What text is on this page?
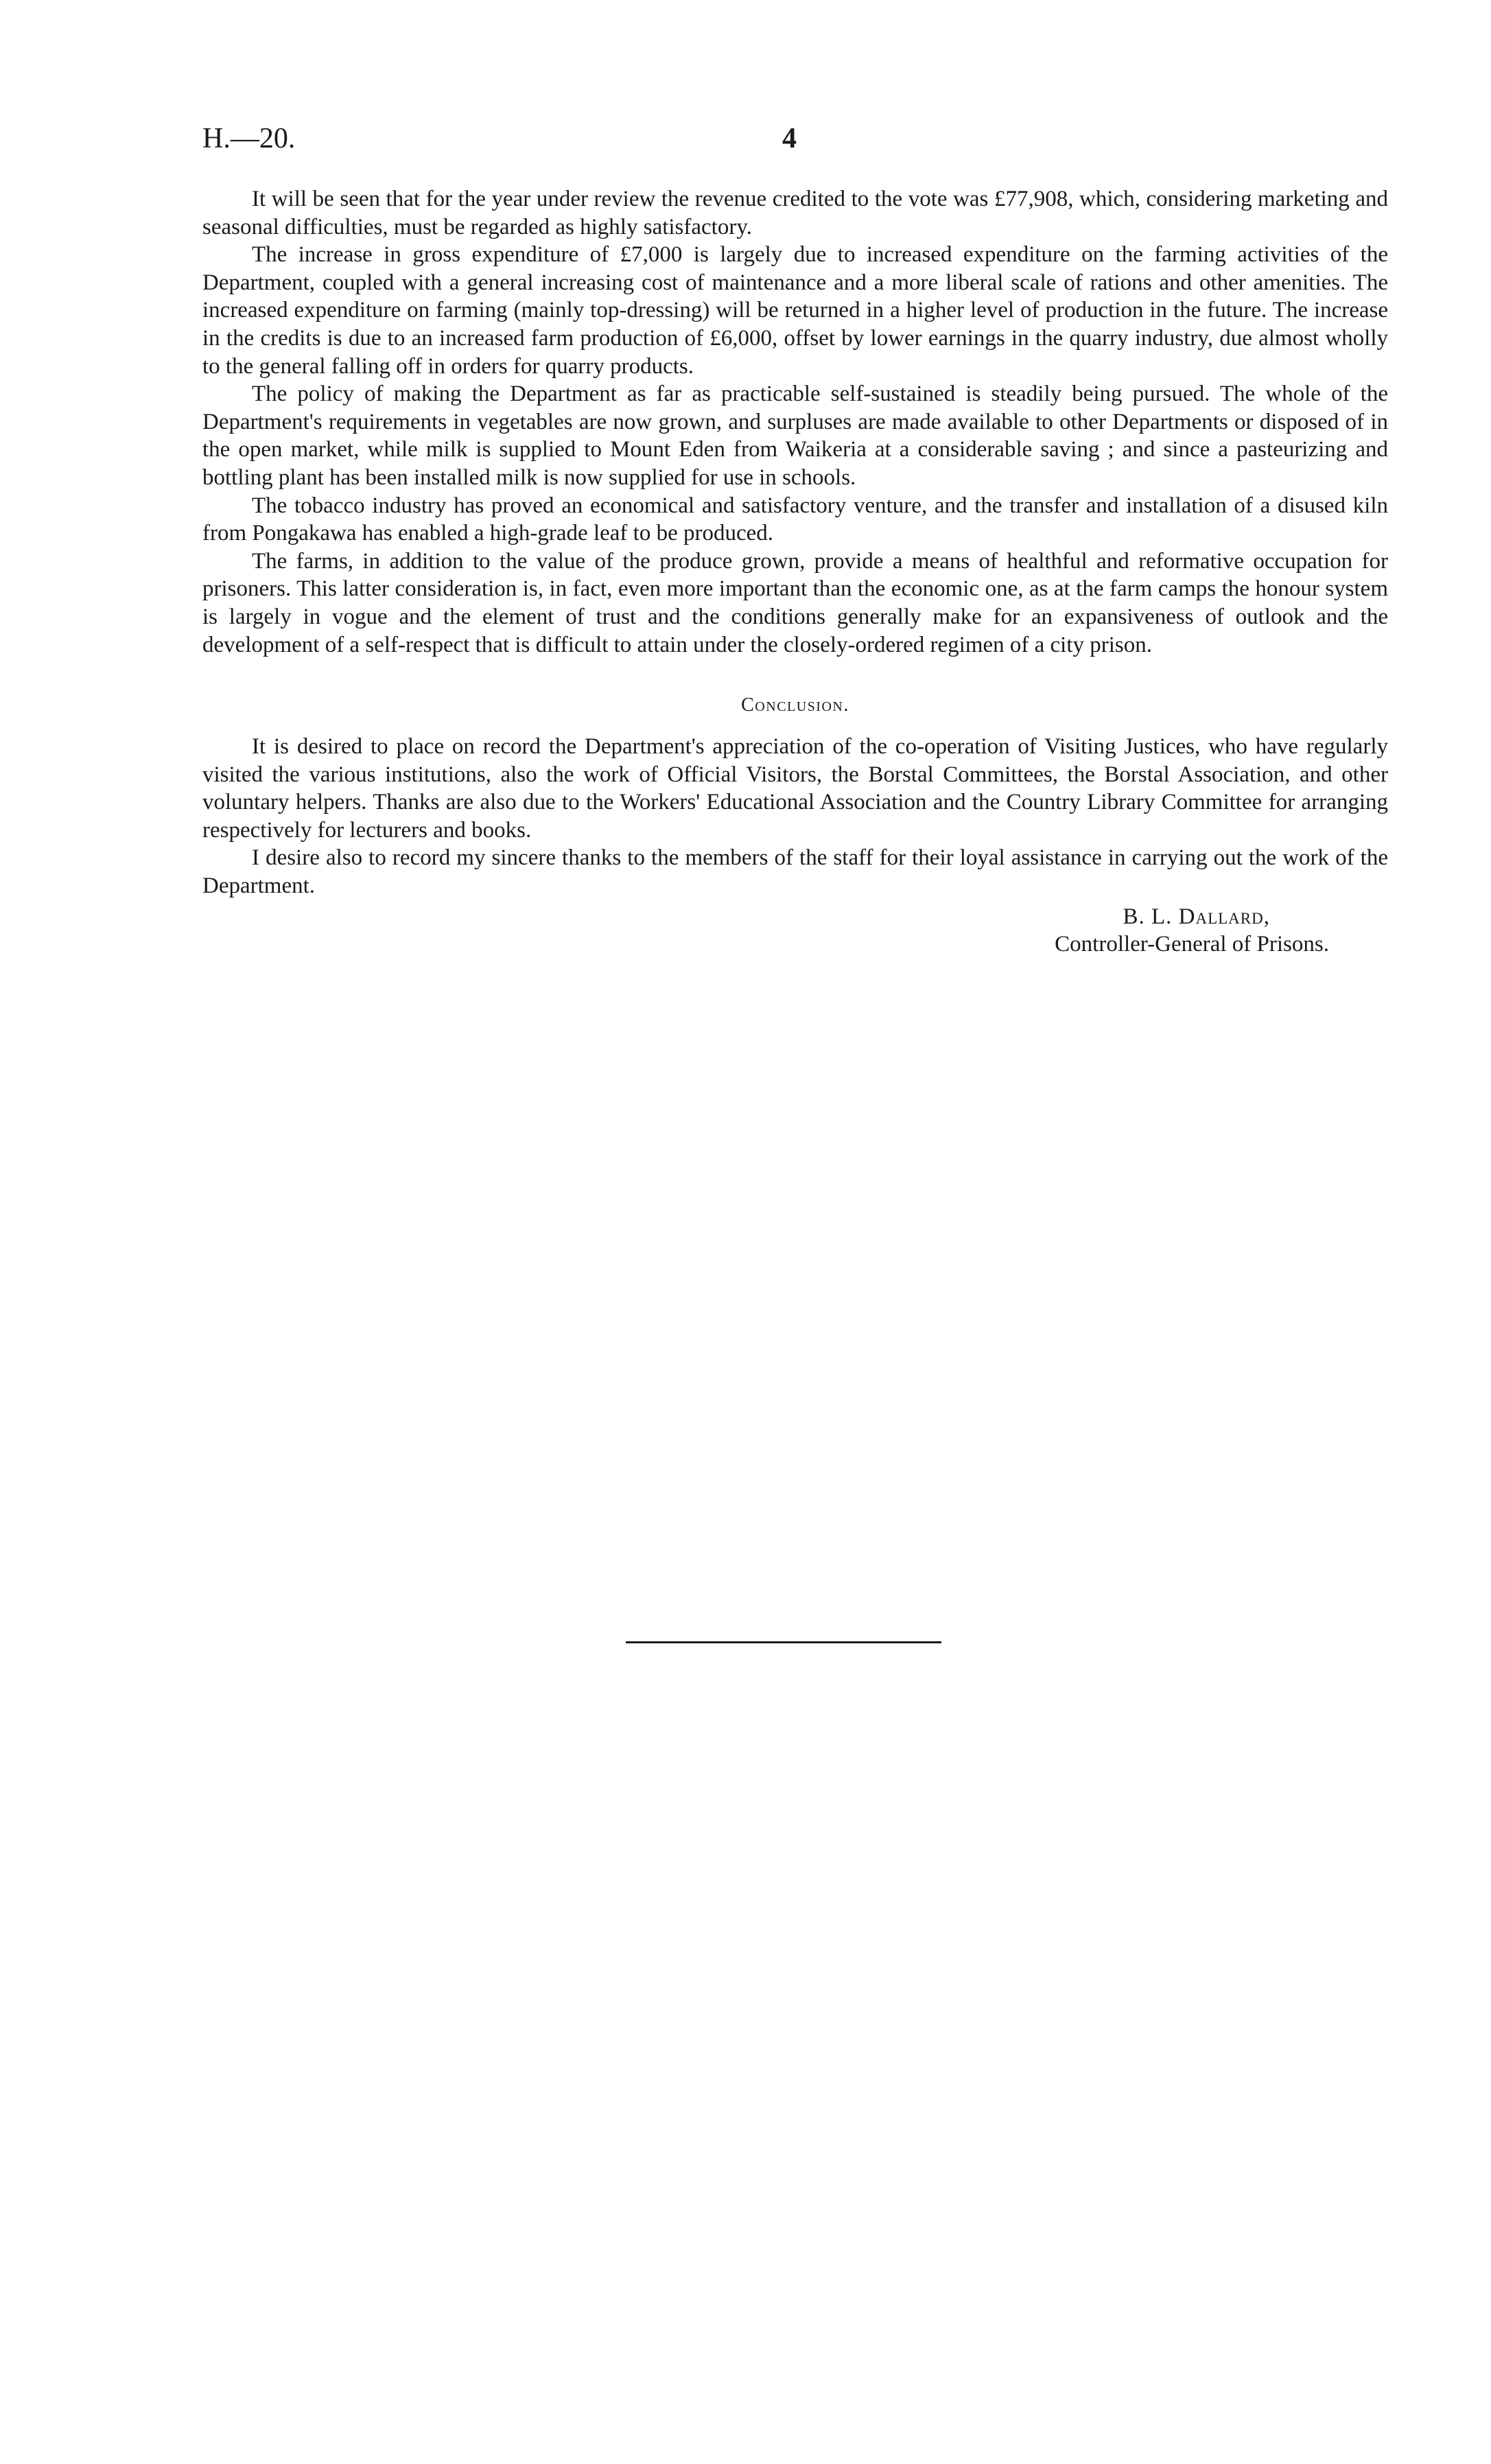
H.—20.	4

It will be seen that for the year under review the revenue credited to the vote was £77,908, which, considering marketing and seasonal difficulties, must be regarded as highly satisfactory.

The increase in gross expenditure of £7,000 is largely due to increased expenditure on the farming activities of the Department, coupled with a general increasing cost of maintenance and a more liberal scale of rations and other amenities. The increased expenditure on farming (mainly top-dressing) will be returned in a higher level of production in the future. The increase in the credits is due to an increased farm production of £6,000, offset by lower earnings in the quarry industry, due almost wholly to the general falling off in orders for quarry products.

The policy of making the Department as far as practicable self-sustained is steadily being pursued. The whole of the Department's requirements in vegetables are now grown, and surpluses are made available to other Departments or disposed of in the open market, while milk is supplied to Mount Eden from Waikeria at a considerable saving ; and since a pasteurizing and bottling plant has been installed milk is now supplied for use in schools.

The tobacco industry has proved an economical and satisfactory venture, and the transfer and installation of a disused kiln from Pongakawa has enabled a high-grade leaf to be produced.

The farms, in addition to the value of the produce grown, provide a means of healthful and reformative occupation for prisoners. This latter consideration is, in fact, even more important than the economic one, as at the farm camps the honour system is largely in vogue and the element of trust and the conditions generally make for an expansiveness of outlook and the development of a self-respect that is difficult to attain under the closely-ordered regimen of a city prison.

Conclusion.

It is desired to place on record the Department's appreciation of the co-operation of Visiting Justices, who have regularly visited the various institutions, also the work of Official Visitors, the Borstal Committees, the Borstal Association, and other voluntary helpers. Thanks are also due to the Workers' Educational Association and the Country Library Committee for arranging respectively for lecturers and books.

I desire also to record my sincere thanks to the members of the staff for their loyal assistance in carrying out the work of the Department.

B. L. Dallard,
Controller-General of Prisons.
